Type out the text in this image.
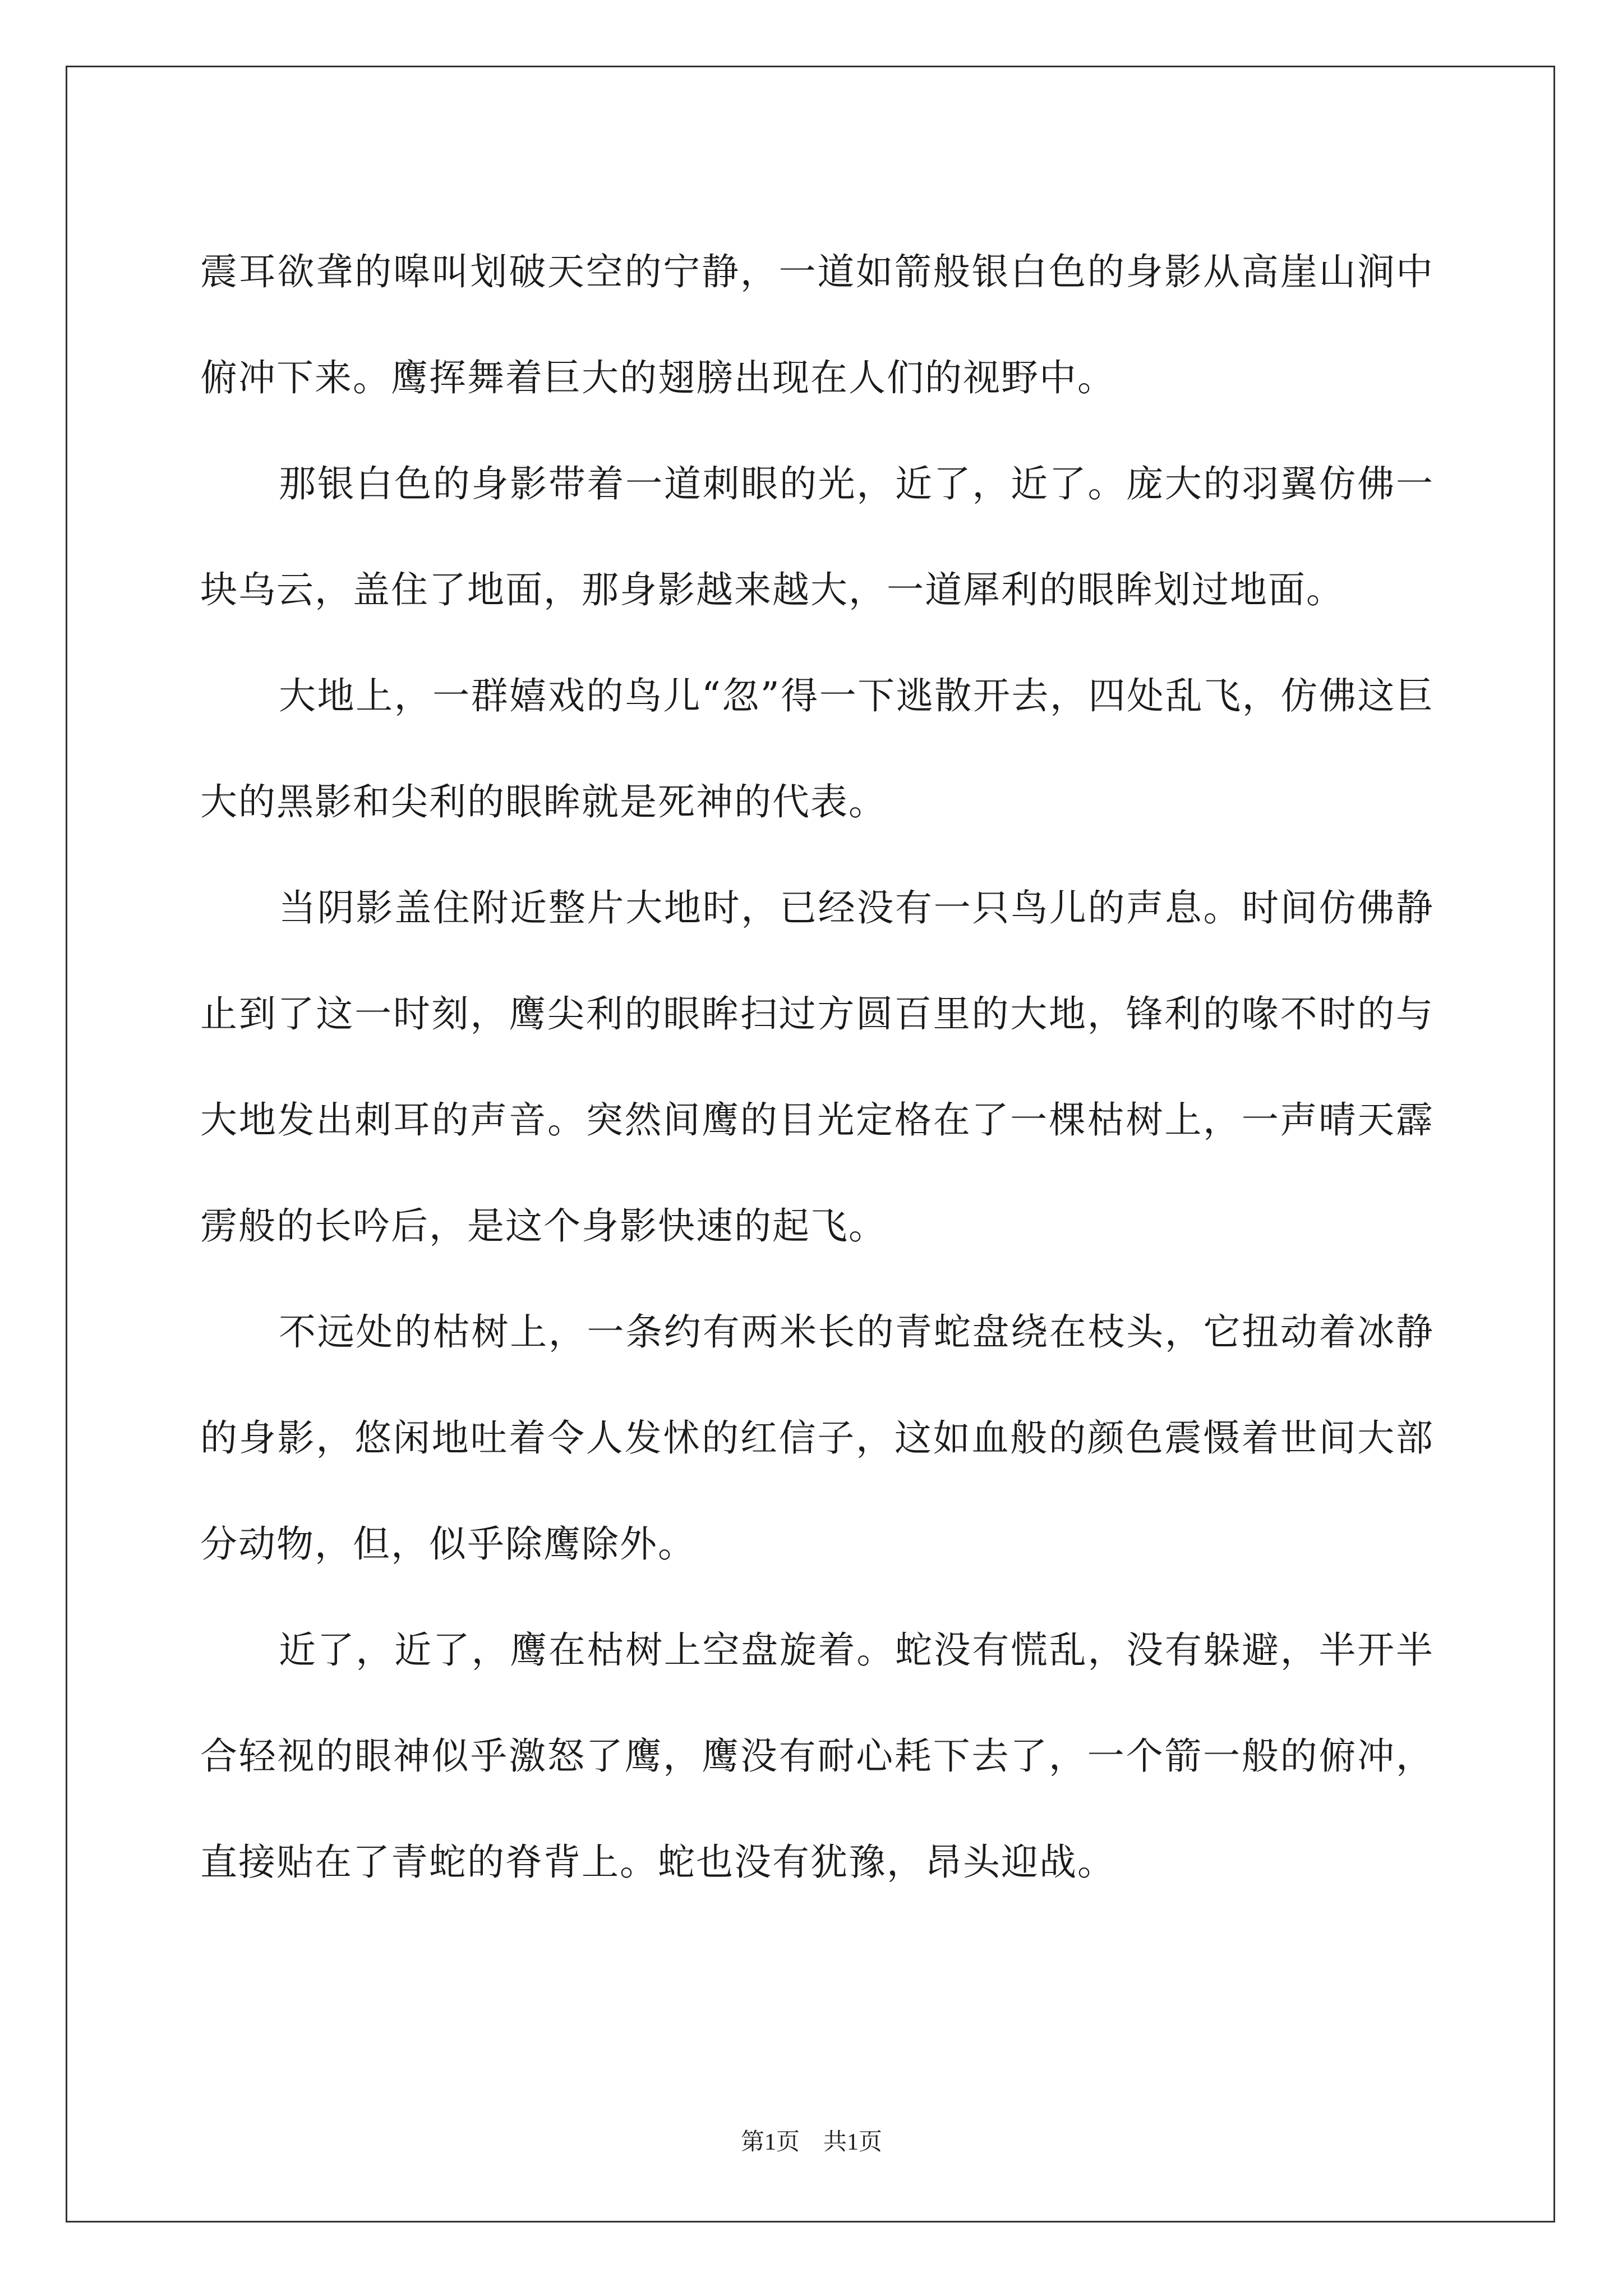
震耳欲聋的嗥叫划破天空的宁静，一道如箭般银白色的身影从高崖山涧中俯冲下来。鹰挥舞着巨大的翅膀出现在人们的视野中。

那银白色的身影带着一道刺眼的光，近了，近了。庞大的羽翼仿佛一块乌云，盖住了地面，那身影越来越大，一道犀利的眼眸划过地面。

大地上，一群嬉戏的鸟儿“忽”得一下逃散开去，四处乱飞，仿佛这巨大的黑影和尖利的眼眸就是死神的代表。

当阴影盖住附近整片大地时，已经没有一只鸟儿的声息。时间仿佛静止到了这一时刻，鹰尖利的眼眸扫过方圆百里的大地，锋利的喙不时的与大地发出刺耳的声音。突然间鹰的目光定格在了一棵枯树上，一声晴天霹雳般的长吟后，是这个身影快速的起飞。

不远处的枯树上，一条约有两米长的青蛇盘绕在枝头，它扭动着冰静的身影，悠闲地吐着令人发怵的红信子，这如血般的颜色震慑着世间大部分动物，但，似乎除鹰除外。

近了，近了，鹰在枯树上空盘旋着。蛇没有慌乱，没有躲避，半开半合轻视的眼神似乎激怒了鹰，鹰没有耐心耗下去了，一个箭一般的俯冲，直接贴在了青蛇的脊背上。蛇也没有犹豫，昂头迎战。

第1页 共1页
